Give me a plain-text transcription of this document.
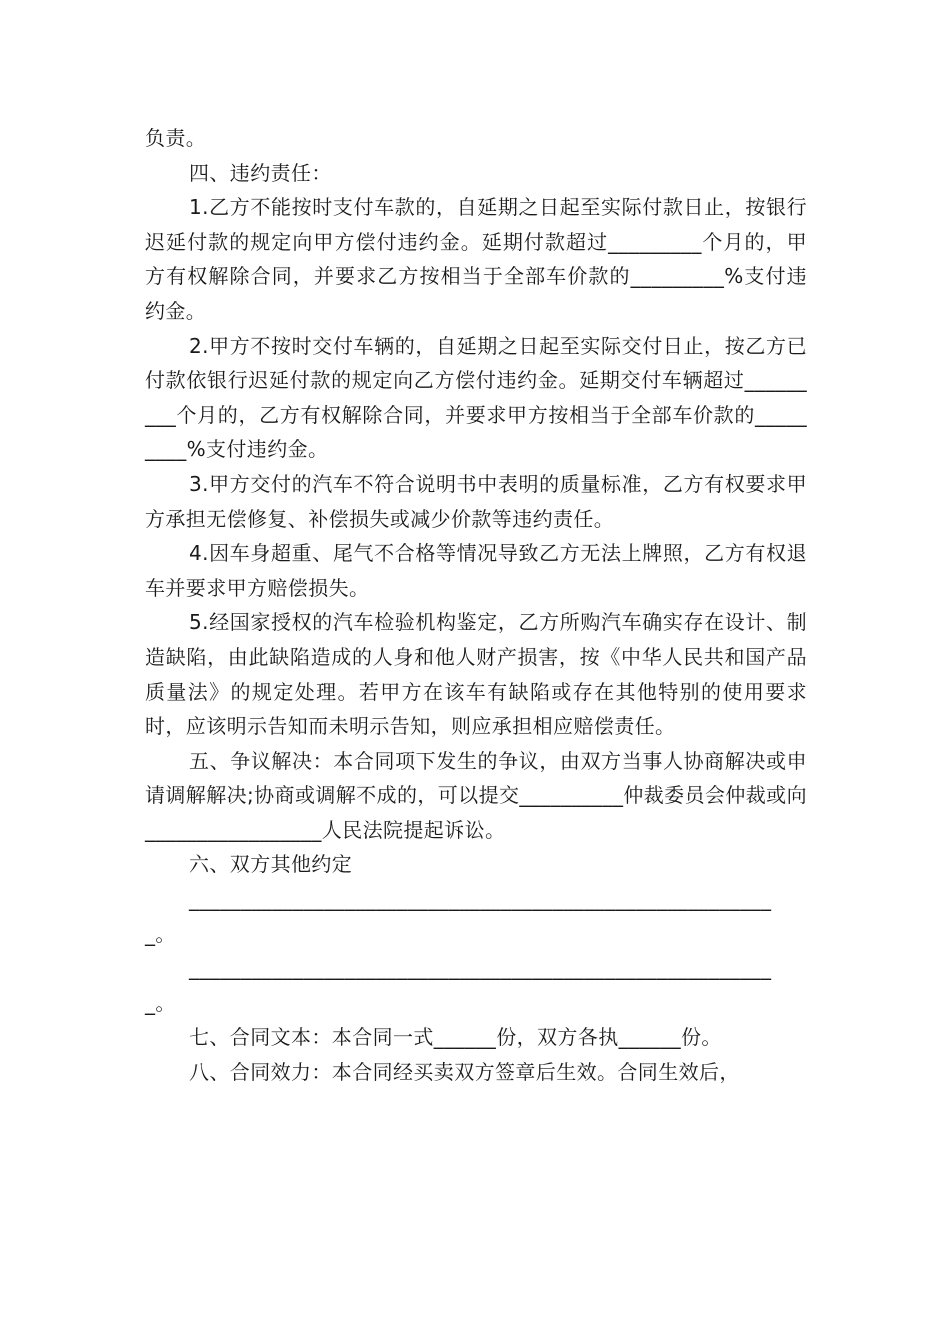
负责。

四、违约责任：

1.乙方不能按时支付车款的，自延期之日起至实际付款日止，按银行迟延付款的规定向甲方偿付违约金。延期付款超过_________个月的，甲方有权解除合同，并要求乙方按相当于全部车价款的_________%支付违约金。

2.甲方不按时交付车辆的，自延期之日起至实际交付日止，按乙方已付款依银行迟延付款的规定向乙方偿付违约金。延期交付车辆超过_________个月的，乙方有权解除合同，并要求甲方按相当于全部车价款的_________%支付违约金。

3.甲方交付的汽车不符合说明书中表明的质量标准，乙方有权要求甲方承担无偿修复、补偿损失或减少价款等违约责任。

4.因车身超重、尾气不合格等情况导致乙方无法上牌照，乙方有权退车并要求甲方赔偿损失。

5.经国家授权的汽车检验机构鉴定，乙方所购汽车确实存在设计、制造缺陷，由此缺陷造成的人身和他人财产损害，按《中华人民共和国产品质量法》的规定处理。若甲方在该车有缺陷或存在其他特别的使用要求时，应该明示告知而未明示告知，则应承担相应赔偿责任。

五、争议解决：本合同项下发生的争议，由双方当事人协商解决或申请调解解决;协商或调解不成的，可以提交__________仲裁委员会仲裁或向_________________人民法院提起诉讼。

六、双方其他约定

________________________________________________________

_。

________________________________________________________

_。

七、合同文本：本合同一式______份，双方各执______份。

八、合同效力：本合同经买卖双方签章后生效。合同生效后，
